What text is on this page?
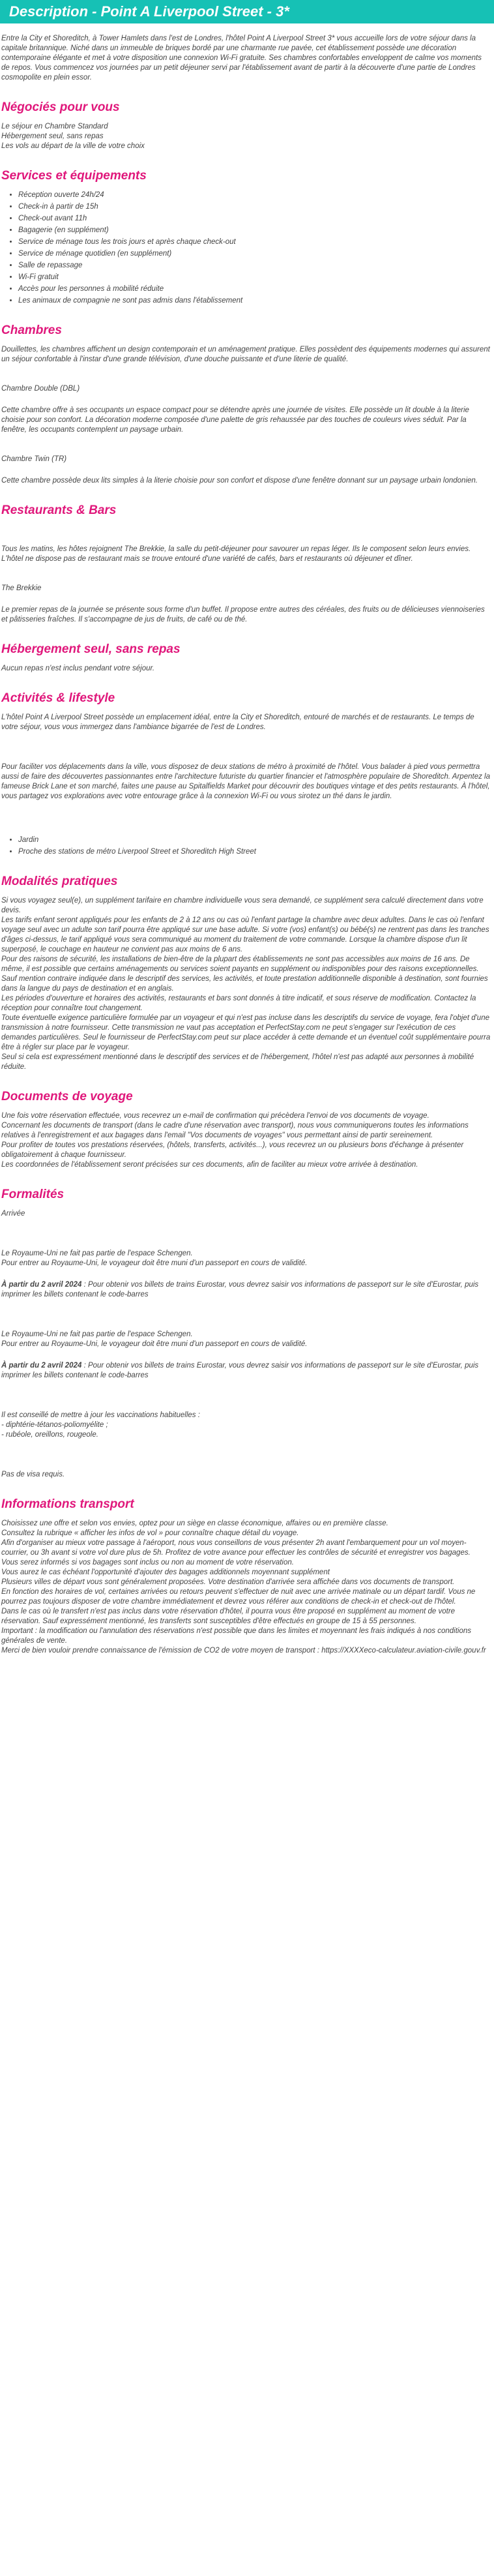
Description - Point A Liverpool Street - 3*

Entre la City et Shoreditch, à Tower Hamlets dans l'est de Londres, l'hôtel Point A Liverpool Street 3* vous accueille lors de votre séjour dans la capitale britannique. Niché dans un immeuble de briques bordé par une charmante rue pavée, cet établissement possède une décoration contemporaine élégante et met à votre disposition une connexion Wi-Fi gratuite. Ses chambres confortables enveloppent de calme vos moments de repos. Vous commencez vos journées par un petit déjeuner servi par l'établissement avant de partir à la découverte d'une partie de Londres cosmopolite en plein essor.

Négociés pour vous
Le séjour en Chambre Standard
Hébergement seul, sans repas
Les vols au départ de la ville de votre choix
Services et équipements
• Réception ouverte 24h/24
• Check-in à partir de 15h
• Check-out avant 11h
• Bagagerie (en supplément)
• Service de ménage tous les trois jours et après chaque check-out
• Service de ménage quotidien (en supplément)
• Salle de repassage
• Wi-Fi gratuit
• Accès pour les personnes à mobilité réduite
• Les animaux de compagnie ne sont pas admis dans l'établissement
Chambres

Douillettes, les chambres affichent un design contemporain et un aménagement pratique. Elles possèdent des équipements modernes qui assurent un séjour confortable à l'instar d'une grande télévision, d'une douche puissante et d'une literie de qualité.

Chambre Double (DBL)

Cette chambre offre à ses occupants un espace compact pour se détendre après une journée de visites. Elle possède un lit double à la literie choisie pour son confort. La décoration moderne composée d'une palette de gris rehaussée par des touches de couleurs vives séduit. Par la fenêtre, les occupants contemplent un paysage urbain.

Chambre Twin (TR)

Cette chambre possède deux lits simples à la literie choisie pour son confort et dispose d'une fenêtre donnant sur un paysage urbain londonien.

Restaurants & Bars

Tous les matins, les hôtes rejoignent The Brekkie, la salle du petit-déjeuner pour savourer un repas léger. Ils le composent selon leurs envies. L'hôtel ne dispose pas de restaurant mais se trouve entouré d'une variété de cafés, bars et restaurants où déjeuner et dîner.

The Brekkie

Le premier repas de la journée se présente sous forme d'un buffet. Il propose entre autres des céréales, des fruits ou de délicieuses viennoiseries et pâtisseries fraîches. Il s'accompagne de jus de fruits, de café ou de thé.

Hébergement seul, sans repas

Aucun repas n'est inclus pendant votre séjour.

Activités & lifestyle

L'hôtel Point A Liverpool Street possède un emplacement idéal, entre la City et Shoreditch, entouré de marchés et de restaurants. Le temps de votre séjour, vous vous immergez dans l'ambiance bigarrée de l'est de Londres.

Pour faciliter vos déplacements dans la ville, vous disposez de deux stations de métro à proximité de l'hôtel. Vous balader à pied vous permettra aussi de faire des découvertes passionnantes entre l'architecture futuriste du quartier financier et l'atmosphère populaire de Shoreditch. Arpentez la fameuse Brick Lane et son marché, faites une pause au Spitalfields Market pour découvrir des boutiques vintage et des petits restaurants. À l'hôtel, vous partagez vos explorations avec votre entourage grâce à la connexion Wi-Fi ou vous sirotez un thé dans le jardin.

• Jardin
• Proche des stations de métro Liverpool Street et Shoreditch High Street
Modalités pratiques

Si vous voyagez seul(e), un supplément tarifaire en chambre individuelle vous sera demandé, ce supplément sera calculé directement dans votre devis.

Les tarifs enfant seront appliqués pour les enfants de 2 à 12 ans ou cas où l'enfant partage la chambre avec deux adultes. Dans le cas où l'enfant voyage seul avec un adulte son tarif pourra être appliqué sur une base adulte. Si votre (vos) enfant(s) ou bébé(s) ne rentrent pas dans les tranches d'âges ci-dessus, le tarif appliqué vous sera communiqué au moment du traitement de votre commande. Lorsque la chambre dispose d'un lit superposé, le couchage en hauteur ne convient pas aux moins de 6 ans.

Pour des raisons de sécurité, les installations de bien-être de la plupart des établissements ne sont pas accessibles aux moins de 16 ans. De même, il est possible que certains aménagements ou services soient payants en supplément ou indisponibles pour des raisons exceptionnelles.

Sauf mention contraire indiquée dans le descriptif des services, les activités, et toute prestation additionnelle disponible à destination, sont fournies dans la langue du pays de destination et en anglais.

Les périodes d'ouverture et horaires des activités, restaurants et bars sont donnés à titre indicatif, et sous réserve de modification. Contactez la réception pour connaître tout changement.

Toute éventuelle exigence particulière formulée par un voyageur et qui n'est pas incluse dans les descriptifs du service de voyage, fera l'objet d'une transmission à notre fournisseur. Cette transmission ne vaut pas acceptation et PerfectStay.com ne peut s'engager sur l'exécution de ces demandes particulières. Seul le fournisseur de PerfectStay.com peut sur place accéder à cette demande et un éventuel coût supplémentaire pourra être à régler sur place par le voyageur.

Seul si cela est expressément mentionné dans le descriptif des services et de l'hébergement, l'hôtel n'est pas adapté aux personnes à mobilité réduite.

Documents de voyage

Une fois votre réservation effectuée, vous recevrez un e-mail de confirmation qui précèdera l'envoi de vos documents de voyage.

Concernant les documents de transport (dans le cadre d'une réservation avec transport), nous vous communiquerons toutes les informations relatives à l'enregistrement et aux bagages dans l'email "Vos documents de voyages" vous permettant ainsi de partir sereinement.

Pour profiter de toutes vos prestations réservées, (hôtels, transferts, activités...), vous recevrez un ou plusieurs bons d'échange à présenter obligatoirement à chaque fournisseur.

Les coordonnées de l'établissement seront précisées sur ces documents, afin de faciliter au mieux votre arrivée à destination.

Formalités
Arrivée
Le Royaume-Uni ne fait pas partie de l'espace Schengen.
Pour entrer au Royaume-Uni, le voyageur doit être muni d'un passeport en cours de validité.

À partir du 2 avril 2024 : Pour obtenir vos billets de trains Eurostar, vous devrez saisir vos informations de passeport sur le site d'Eurostar, puis imprimer les billets contenant le code-barres

Le Royaume-Uni ne fait pas partie de l'espace Schengen.
Pour entrer au Royaume-Uni, le voyageur doit être muni d'un passeport en cours de validité.

À partir du 2 avril 2024 : Pour obtenir vos billets de trains Eurostar, vous devrez saisir vos informations de passeport sur le site d'Eurostar, puis imprimer les billets contenant le code-barres

Il est conseillé de mettre à jour les vaccinations habituelles :
- diphtérie-tétanos-poliomyélite ;
- rubéole, oreillons, rougeole.
Pas de visa requis.
Informations transport

Choisissez une offre et selon vos envies, optez pour un siège en classe économique, affaires ou en première classe.

Consultez la rubrique « afficher les infos de vol » pour connaître chaque détail du voyage.

Afin d'organiser au mieux votre passage à l'aéroport, nous vous conseillons de vous présenter 2h avant l'embarquement pour un vol moyen-courrier, ou 3h avant si votre vol dure plus de 5h. Profitez de votre avance pour effectuer les contrôles de sécurité et enregistrer vos bagages.

Vous serez informés si vos bagages sont inclus ou non au moment de votre réservation.

Vous aurez le cas échéant l'opportunité d'ajouter des bagages additionnels moyennant supplément

Plusieurs villes de départ vous sont généralement proposées. Votre destination d'arrivée sera affichée dans vos documents de transport.

En fonction des horaires de vol, certaines arrivées ou retours peuvent s'effectuer de nuit avec une arrivée matinale ou un départ tardif. Vous ne pourrez pas toujours disposer de votre chambre immédiatement et devrez vous référer aux conditions de check-in et check-out de l'hôtel.

Dans le cas où le transfert n'est pas inclus dans votre réservation d'hôtel, il pourra vous être proposé en supplément au moment de votre réservation. Sauf expressément mentionné, les transferts sont susceptibles d'être effectués en groupe de 15 à 55 personnes.

Important : la modification ou l'annulation des réservations n'est possible que dans les limites et moyennant les frais indiqués à nos conditions générales de vente.

Merci de bien vouloir prendre connaissance de l'émission de CO2 de votre moyen de transport : https://XXXXeco-calculateur.aviation-civile.gouv.fr
